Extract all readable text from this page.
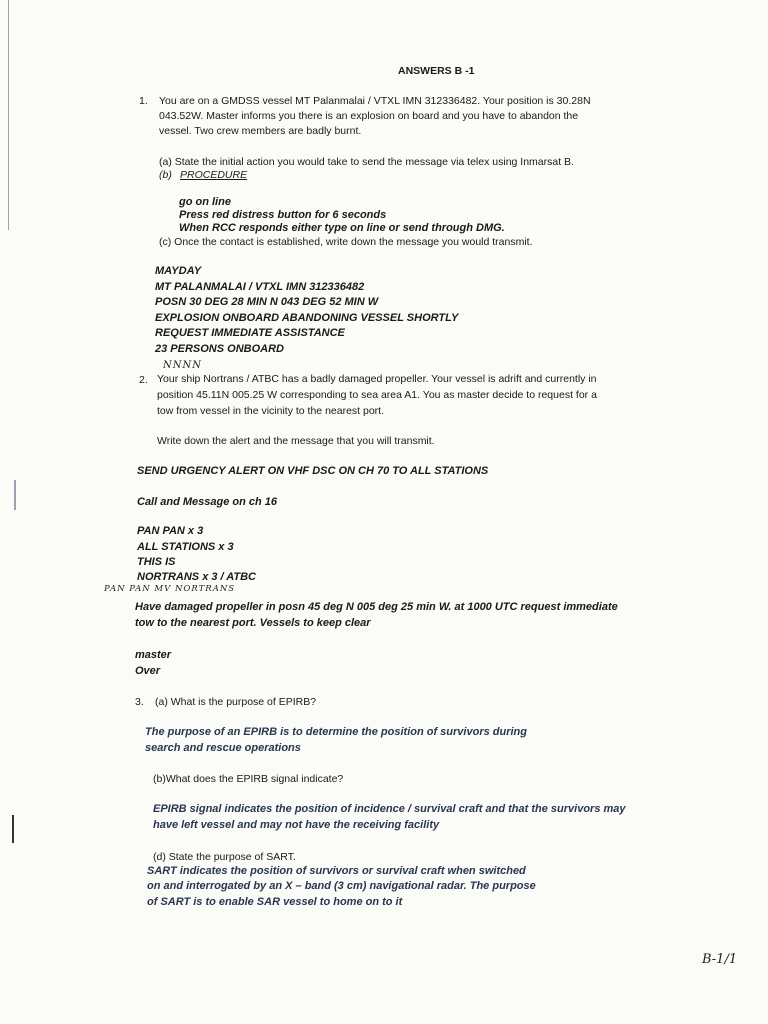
ANSWERS B -1
1. You are on a GMDSS vessel MT Palanmalai / VTXL IMN 312336482. Your position is 30.28N
043.52W. Master informs you there is an explosion on board and you have to abandon the
vessel. Two crew members are badly burnt.
(a) State the initial action you would take to send the message via telex using Inmarsat B.
(b) PROCEDURE
go on line
Press red distress button for 6 seconds
When RCC responds either type on line or send through DMG.
(c) Once the contact is established, write down the message you would transmit.
MAYDAY
MT PALANMALAI / VTXL IMN 312336482
POSN 30 DEG 28 MIN N 043 DEG 52 MIN W
EXPLOSION ONBOARD ABANDONING VESSEL SHORTLY
REQUEST IMMEDIATE ASSISTANCE
23 PERSONS ONBOARD
NNNN
2. Your ship Nortrans / ATBC has a badly damaged propeller. Your vessel is adrift and currently in
position 45.11N 005.25 W corresponding to sea area A1. You as master decide to request for a
tow from vessel in the vicinity to the nearest port.
Write down the alert and the message that you will transmit.
SEND URGENCY ALERT ON VHF DSC ON CH 70 TO ALL STATIONS
Call and Message on ch 16
PAN PAN x 3
ALL STATIONS x 3
THIS IS
NORTRANS x 3 / ATBC
PAN PAN MV NORTRANS
Have damaged propeller in posn 45 deg N 005 deg 25 min W. at 1000 UTC request immediate
tow to the nearest port. Vessels to keep clear
master
Over
3. (a) What is the purpose of EPIRB?
The purpose of an EPIRB is to determine the position of survivors during
search and rescue operations
(b)What does the EPIRB signal indicate?
EPIRB signal indicates the position of incidence / survival craft and that the survivors may
have left vessel and may not have the receiving facility
(d) State the purpose of SART.
SART indicates the position of survivors or survival craft when switched
on and interrogated by an X – band (3 cm) navigational radar. The purpose
of SART is to enable SAR vessel to home on to it
B-1/1
